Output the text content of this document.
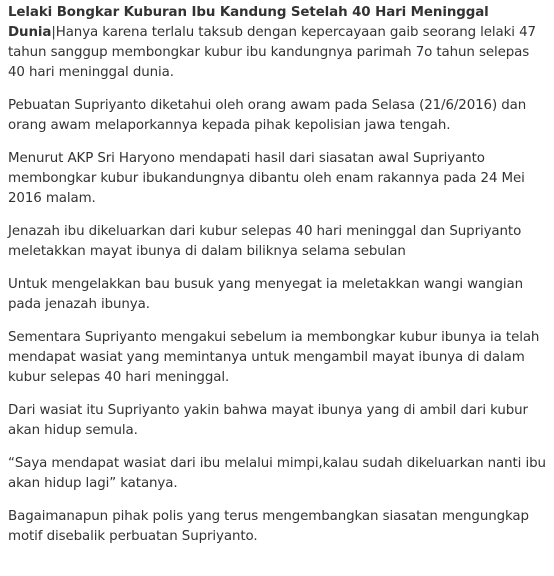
Lelaki Bongkar Kuburan Ibu Kandung Setelah 40 Hari Meninggal Dunia|Hanya karena terlalu taksub dengan kepercayaan gaib seorang lelaki 47 tahun sanggup membongkar kubur ibu kandungnya parimah 7o tahun selepas 40 hari meninggal dunia.

Pebuatan Supriyanto diketahui oleh orang awam pada Selasa (21/6/2016) dan orang awam melaporkannya kepada pihak kepolisian jawa tengah.

Menurut AKP Sri Haryono mendapati hasil dari siasatan awal Supriyanto membongkar kubur ibukandungnya dibantu oleh enam rakannya pada 24 Mei 2016 malam.

Jenazah ibu dikeluarkan dari kubur selepas 40 hari meninggal dan Supriyanto meletakkan mayat ibunya di dalam biliknya selama sebulan

Untuk mengelakkan bau busuk yang menyegat ia meletakkan wangi wangian pada jenazah ibunya.

Sementara Supriyanto mengakui sebelum ia membongkar kubur ibunya ia telah mendapat wasiat yang memintanya untuk mengambil mayat ibunya di dalam kubur selepas 40 hari meninggal.

Dari wasiat itu Supriyanto yakin bahwa mayat ibunya yang di ambil dari kubur akan hidup semula.

“Saya mendapat wasiat dari ibu melalui mimpi,kalau sudah dikeluarkan nanti ibu akan hidup lagi” katanya.

Bagaimanapun pihak polis yang terus mengembangkan siasatan mengungkap motif disebalik perbuatan Supriyanto.
